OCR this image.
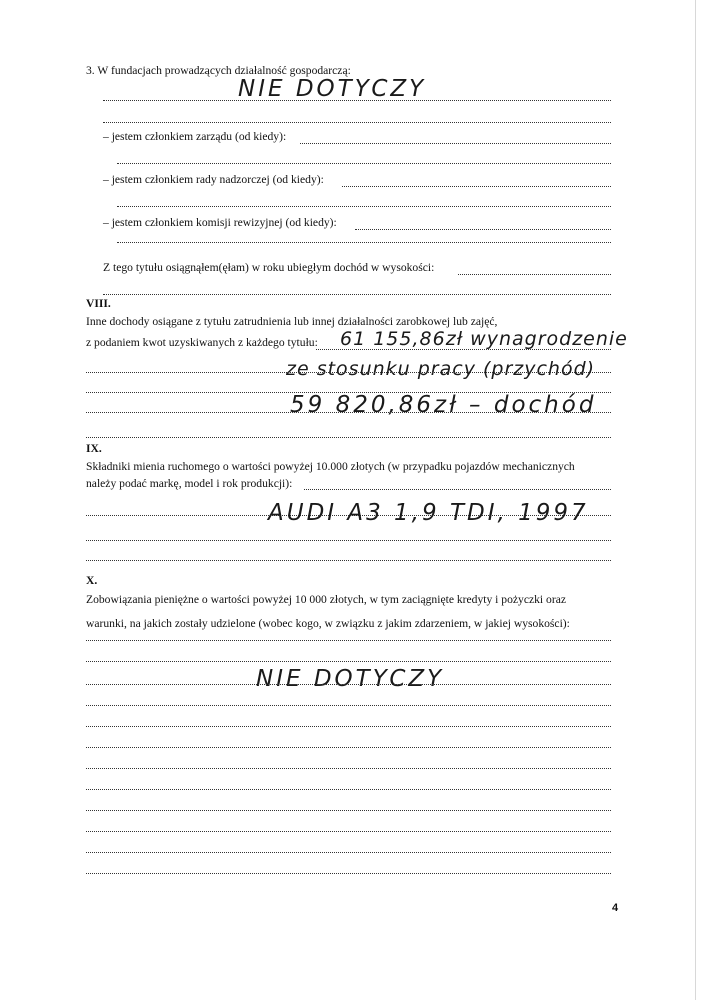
3. W fundacjach prowadzących działalność gospodarczą:
NIE DOTYCZY
– jestem członkiem zarządu (od kiedy):
– jestem członkiem rady nadzorczej (od kiedy):
– jestem członkiem komisji rewizyjnej (od kiedy):
Z tego tytułu osiągnąłem(ęłam) w roku ubiegłym dochód w wysokości:
VIII.
Inne dochody osiągane z tytułu zatrudnienia lub innej działalności zarobkowej lub zajęć,
z podaniem kwot uzyskiwanych z każdego tytułu: 61 155,86zł wynagrodzenie
ze stosunku pracy (przychód)
59 820,86zł – dochód
IX.
Składniki mienia ruchomego o wartości powyżej 10.000 złotych (w przypadku pojazdów mechanicznych
należy podać markę, model i rok produkcji):
AUDI A3 1,9 TDI, 1997
X.
Zobowiązania pieniężne o wartości powyżej 10 000 złotych, w tym zaciągnięte kredyty i pożyczki oraz
warunki, na jakich zostały udzielone (wobec kogo, w związku z jakim zdarzeniem, w jakiej wysokości):
NIE DOTYCZY
4
